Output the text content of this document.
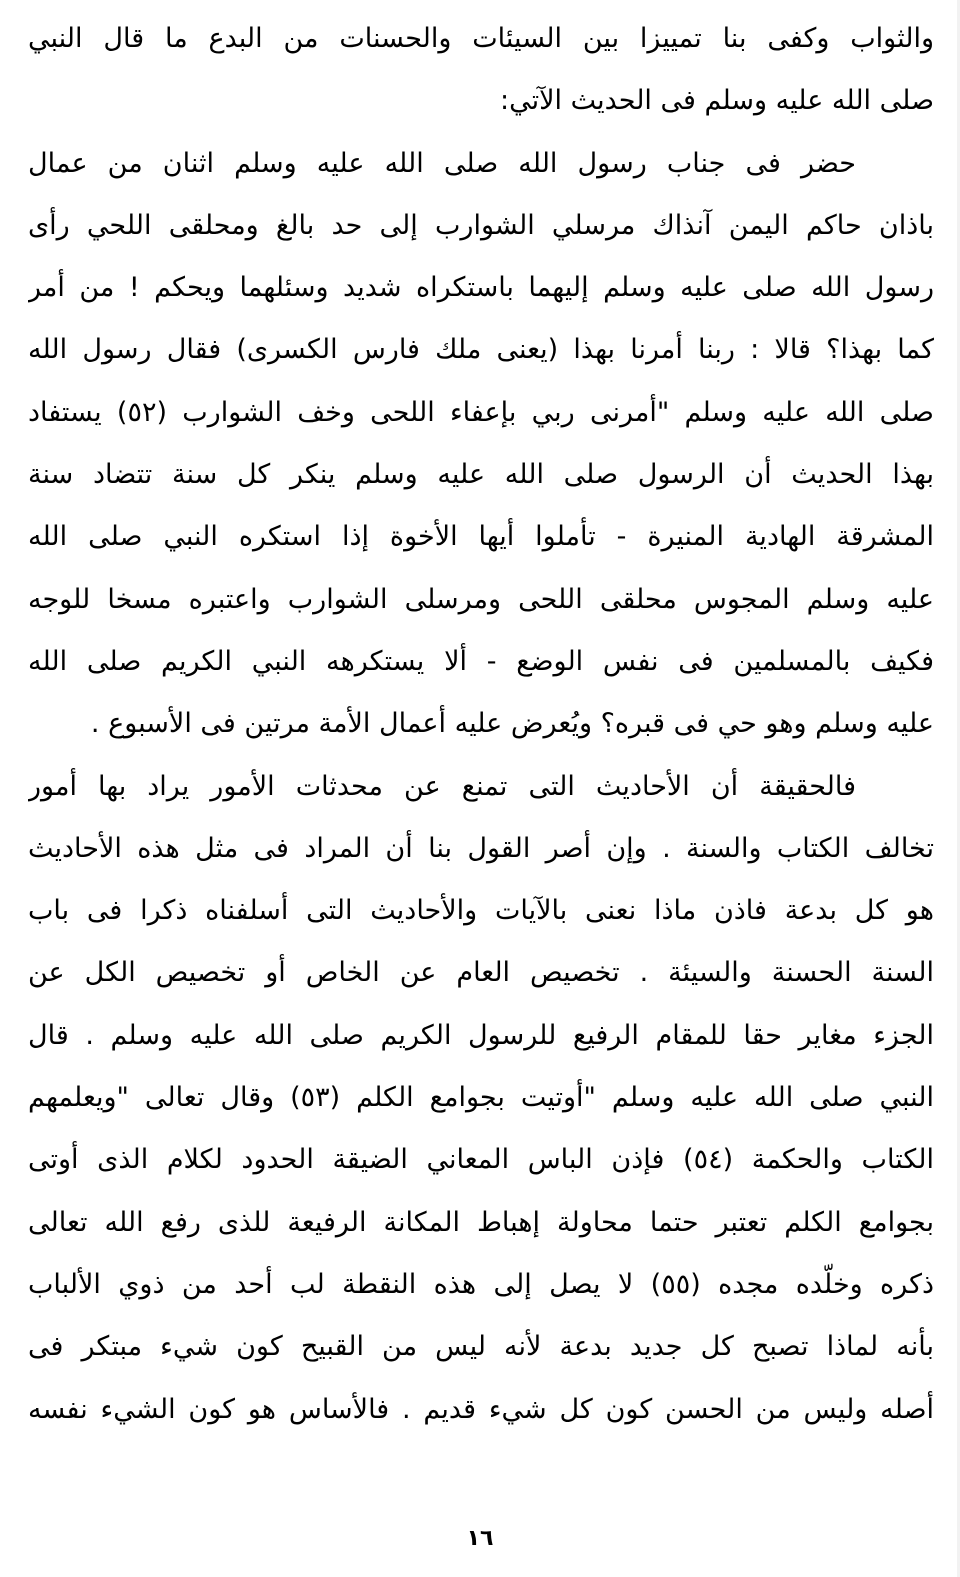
والثواب وكفى بنا تمييزا بين السيئات والحسنات من البدع ما قال النبي
صلى الله عليه وسلم فى الحديث الآتي:
حضر فى جناب رسول الله صلى الله عليه وسلم اثنان من عمال
باذان حاكم اليمن آنذاك مرسلي الشوارب إلى حد بالغ ومحلقى اللحي رأى
رسول الله صلى عليه وسلم إليهما باستكراه شديد وسئلهما ويحكم ! من أمر
كما بهذا؟ قالا : ربنا أمرنا بهذا (يعنى ملك فارس الكسرى) فقال رسول الله
صلى الله عليه وسلم "أمرنى ربي بإعفاء اللحى وخف الشوارب (٥٢) يستفاد
بهذا الحديث أن الرسول صلى الله عليه وسلم ينكر كل سنة تتضاد سنة
المشرقة الهادية المنيرة - تأملوا أيها الأخوة إذا استكره النبي صلى الله
عليه وسلم المجوس محلقى اللحى ومرسلى الشوارب واعتبره مسخا للوجه
فكيف بالمسلمين فى نفس الوضع - ألا يستكرهه النبي الكريم صلى الله
عليه وسلم وهو حي فى قبره؟ ويُعرض عليه أعمال الأمة مرتين فى الأسبوع .
فالحقيقة أن الأحاديث التى تمنع عن محدثات الأمور يراد بها أمور
تخالف الكتاب والسنة . وإن أصر القول بنا أن المراد فى مثل هذه الأحاديث
هو كل بدعة فاذن ماذا نعنى بالآيات والأحاديث التى أسلفناه ذكرا فى باب
السنة الحسنة والسيئة . تخصيص العام عن الخاص أو تخصيص الكل عن
الجزء مغاير حقا للمقام الرفيع للرسول الكريم صلى الله عليه وسلم . قال
النبي صلى الله عليه وسلم "أوتيت بجوامع الكلم (٥٣) وقال تعالى "ويعلمهم
الكتاب والحكمة (٥٤) فإذن الباس المعاني الضيقة الحدود لكلام الذى أوتى
بجوامع الكلم تعتبر حتما محاولة إهباط المكانة الرفيعة للذى رفع الله تعالى
ذكره وخلّده مجده (٥٥) لا يصل إلى هذه النقطة لب أحد من ذوي الألباب
بأنه لماذا تصبح كل جديد بدعة لأنه ليس من القبيح كون شيء مبتكر فى
أصله وليس من الحسن كون كل شيء قديم . فالأساس هو كون الشيء نفسه
١٦
